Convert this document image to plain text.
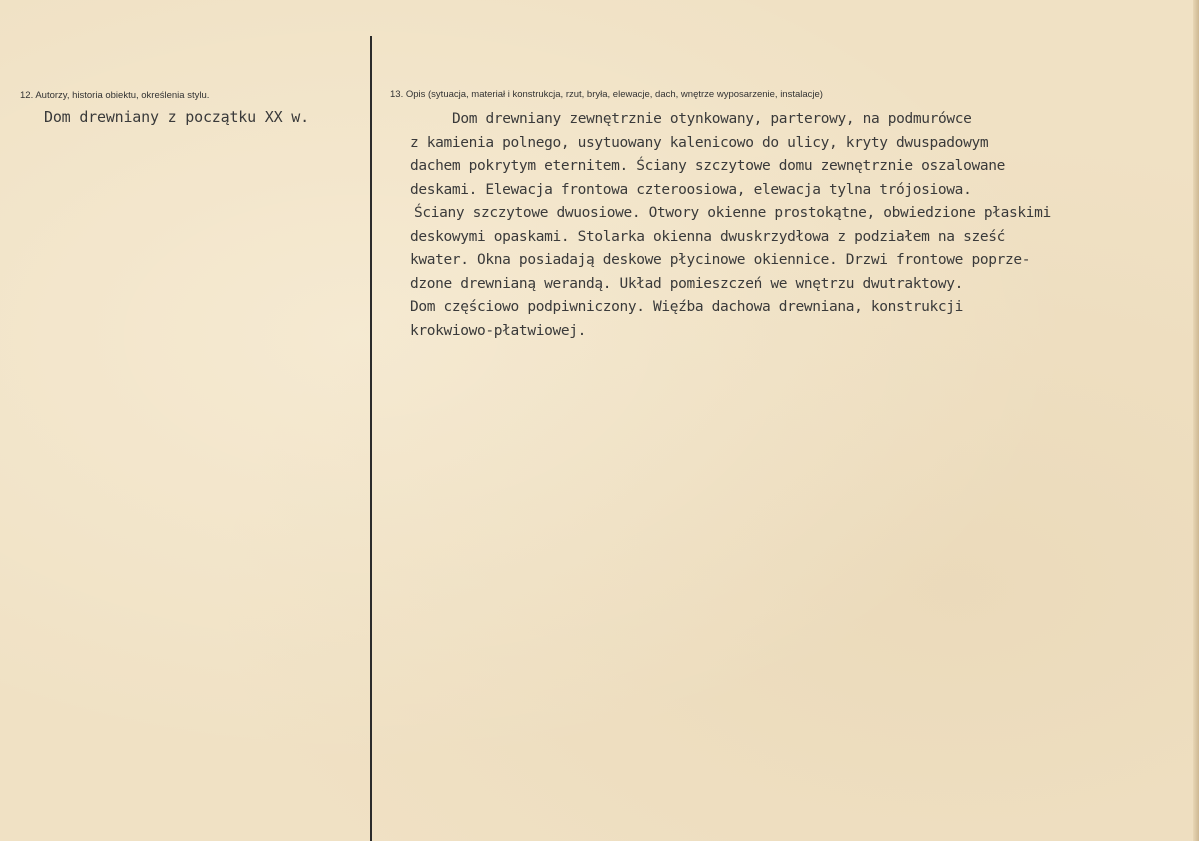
12. Autorzy, historia obiektu, określenia stylu.
Dom drewniany z początku XX w.
13. Opis (sytuacja, materiał i konstrukcja, rzut, bryła, elewacje, dach, wnętrze wyposarzenie, instalacje)
Dom drewniany zewnętrznie otynkowany, parterowy, na podmurówce
z kamienia polnego, usytuowany kalenicowo do ulicy, kryty dwuspadowym
dachem pokrytym eternitem. Ściany szczytowe domu zewnętrznie oszalowane
deskami. Elewacja frontowa czteroosiowa, elewacja tylna trójosiowa.
Ściany szczytowe dwuosiowe. Otwory okienne prostokątne, obwiedzione płaskimi
deskowymi opaskami. Stolarka okienna dwuskrzydłowa z podziałem na sześć
kwater. Okna posiadają deskowe płycinowe okiennice. Drzwi frontowe poprze-
dzone drewnianą werandą. Układ pomieszczeń we wnętrzu dwutraktowy.
Dom częściowo podpiwniczony. Więźba dachowa drewniana, konstrukcji
krokwiowo-płatwiowej.
